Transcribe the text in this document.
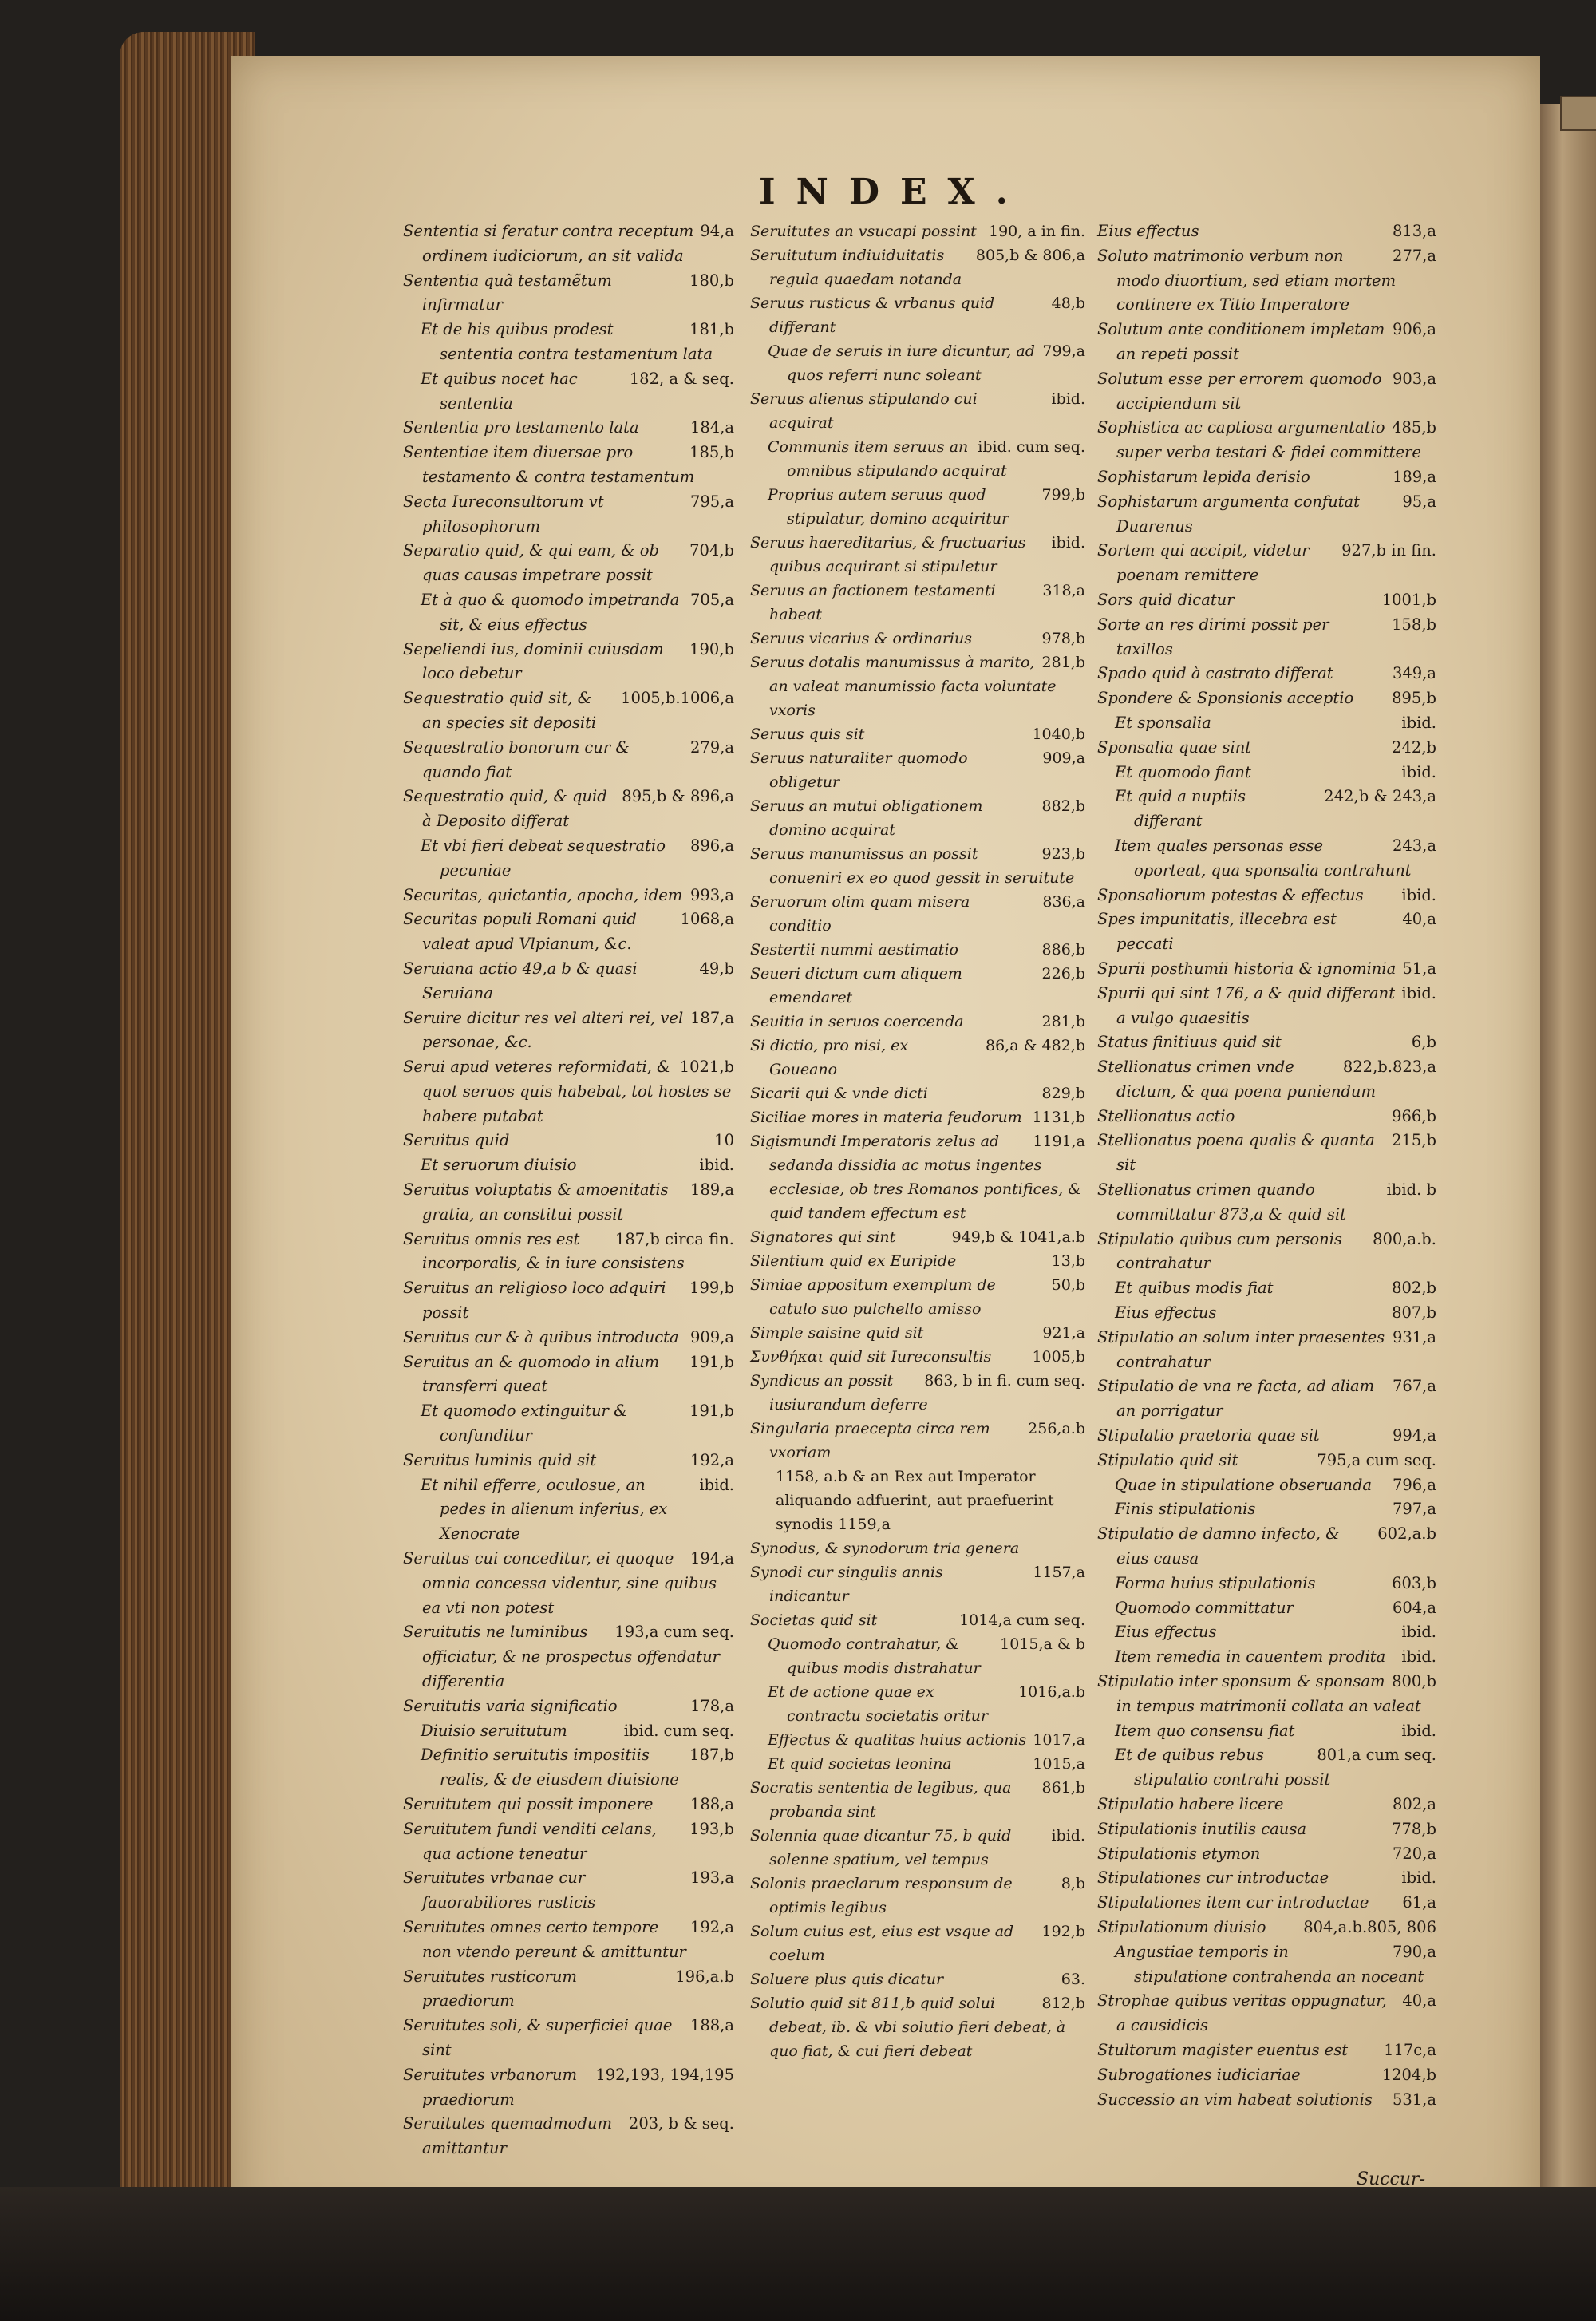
INDEX.

94,a
Sententia si feratur contra receptum ordinem iudiciorum, an sit valida

180,b
Sententia quã testamẽtum infirmatur

181,b
Et de his quibus prodest sententia contra testamentum lata

182, a & seq.
Et quibus nocet hac sententia

184,a
Sententia pro testamento lata

185,b
Sententiae item diuersae pro testamento & contra testamentum

795,a
Secta Iureconsultorum vt philosophorum

704,b
Separatio quid, & qui eam, & ob quas causas impetrare possit

705,a
Et à quo & quomodo impetranda sit, & eius effectus

190,b
Sepeliendi ius, dominii cuiusdam loco debetur

1005,b.1006,a
Sequestratio quid sit, & an species sit depositi

279,a
Sequestratio bonorum cur & quando fiat

895,b & 896,a
Sequestratio quid, & quid à Deposito differat

896,a
Et vbi fieri debeat sequestratio pecuniae

993,a
Securitas, quictantia, apocha, idem

1068,a
Securitas populi Romani quid valeat apud Vlpianum, &c.

49,b
Seruiana actio 49,a b & quasi Seruiana

187,a
Seruire dicitur res vel alteri rei, vel personae, &c.

1021,b
Serui apud veteres reformidati, & quot seruos quis habebat, tot hostes se habere putabat

10
Seruitus quid

ibid.
Et seruorum diuisio

189,a
Seruitus voluptatis & amoenitatis gratia, an constitui possit

187,b circa fin.
Seruitus omnis res est incorporalis, & in iure consistens

199,b
Seruitus an religioso loco adquiri possit

909,a
Seruitus cur & à quibus introducta

191,b
Seruitus an & quomodo in alium transferri queat

191,b
Et quomodo extinguitur & confunditur

192,a
Seruitus luminis quid sit

ibid.
Et nihil efferre, oculosue, an pedes in alienum inferius, ex Xenocrate

194,a
Seruitus cui conceditur, ei quoque omnia concessa videntur, sine quibus ea vti non potest

193,a cum seq.
Seruitutis ne luminibus officiatur, & ne prospectus offendatur differentia

178,a
Seruitutis varia significatio

ibid. cum seq.
Diuisio seruitutum

187,b
Definitio seruitutis impositiis realis, & de eiusdem diuisione

188,a
Seruitutem qui possit imponere

193,b
Seruitutem fundi venditi celans, qua actione teneatur

193,a
Seruitutes vrbanae cur fauorabiliores rusticis

192,a
Seruitutes omnes certo tempore non vtendo pereunt & amittuntur

196,a.b
Seruitutes rusticorum praediorum

188,a
Seruitutes soli, & superficiei quae sint

192,193, 194,195
Seruitutes vrbanorum praediorum

203, b & seq.
Seruitutes quemadmodum amittantur

190, a in fin.
Seruitutes an vsucapi possint

805,b & 806,a
Seruitutum indiuiduitatis regula quaedam notanda

48,b
Seruus rusticus & vrbanus quid differant

799,a
Quae de seruis in iure dicuntur, ad quos referri nunc soleant

ibid.
Seruus alienus stipulando cui acquirat

ibid. cum seq.
Communis item seruus an omnibus stipulando acquirat

799,b
Proprius autem seruus quod stipulatur, domino acquiritur

ibid.
Seruus haereditarius, & fructuarius quibus acquirant si stipuletur

318,a
Seruus an factionem testamenti habeat

978,b
Seruus vicarius & ordinarius

281,b
Seruus dotalis manumissus à marito, an valeat manumissio facta voluntate vxoris

1040,b
Seruus quis sit

909,a
Seruus naturaliter quomodo obligetur

882,b
Seruus an mutui obligationem domino acquirat

923,b
Seruus manumissus an possit conueniri ex eo quod gessit in seruitute

836,a
Seruorum olim quam misera conditio

886,b
Sestertii nummi aestimatio

226,b
Seueri dictum cum aliquem emendaret

281,b
Seuitia in seruos coercenda

86,a & 482,b
Si dictio, pro nisi, ex Goueano

829,b
Sicarii qui & vnde dicti

1131,b
Siciliae mores in materia feudorum

1191,a
Sigismundi Imperatoris zelus ad sedanda dissidia ac motus ingentes ecclesiae, ob tres Romanos pontifices, & quid tandem effectum est

949,b & 1041,a.b
Signatores qui sint

13,b
Silentium quid ex Euripide

50,b
Simiae appositum exemplum de catulo suo pulchello amisso

921,a
Simple saisine quid sit

1005,b
Συνθήκαι quid sit Iureconsultis

863, b in fi. cum seq.
Syndicus an possit iusiurandum deferre

256,a.b
Singularia praecepta circa rem vxoriam

1158, a.b & an Rex aut Imperator aliquando adfuerint, aut praefuerint synodis 1159,a
Synodus, & synodorum tria genera

1157,a
Synodi cur singulis annis indicantur

1014,a cum seq.
Societas quid sit

1015,a & b
Quomodo contrahatur, & quibus modis distrahatur

1016,a.b
Et de actione quae ex contractu societatis oritur

1017,a
Effectus & qualitas huius actionis

1015,a
Et quid societas leonina

861,b
Socratis sententia de legibus, qua probanda sint

ibid.
Solennia quae dicantur 75, b quid solenne spatium, vel tempus

8,b
Solonis praeclarum responsum de optimis legibus

192,b
Solum cuius est, eius est vsque ad coelum

63.
Soluere plus quis dicatur

812,b
Solutio quid sit 811,b quid solui debeat, ib. & vbi solutio fieri debeat, à quo fiat, & cui fieri debeat

813,a
Eius effectus

277,a
Soluto matrimonio verbum non modo diuortium, sed etiam mortem continere ex Titio Imperatore

906,a
Solutum ante conditionem impletam an repeti possit

903,a
Solutum esse per errorem quomodo accipiendum sit

485,b
Sophistica ac captiosa argumentatio super verba testari & fidei committere

189,a
Sophistarum lepida derisio

95,a
Sophistarum argumenta confutat Duarenus

927,b in fin.
Sortem qui accipit, videtur poenam remittere

1001,b
Sors quid dicatur

158,b
Sorte an res dirimi possit per taxillos

349,a
Spado quid à castrato differat

895,b
Spondere & Sponsionis acceptio

ibid.
Et sponsalia

242,b
Sponsalia quae sint

ibid.
Et quomodo fiant

242,b & 243,a
Et quid a nuptiis differant

243,a
Item quales personas esse oporteat, qua sponsalia contrahunt

ibid.
Sponsaliorum potestas & effectus

40,a
Spes impunitatis, illecebra est peccati

51,a
Spurii posthumii historia & ignominia

ibid.
Spurii qui sint 176, a & quid differant a vulgo quaesitis

6,b
Status finitiuus quid sit

822,b.823,a
Stellionatus crimen vnde dictum, & qua poena puniendum

966,b
Stellionatus actio

215,b
Stellionatus poena qualis & quanta sit

ibid. b
Stellionatus crimen quando committatur 873,a & quid sit

800,a.b.
Stipulatio quibus cum personis contrahatur

802,b
Et quibus modis fiat

807,b
Eius effectus

931,a
Stipulatio an solum inter praesentes contrahatur

767,a
Stipulatio de vna re facta, ad aliam an porrigatur

994,a
Stipulatio praetoria quae sit

795,a cum seq.
Stipulatio quid sit

796,a
Quae in stipulatione obseruanda

797,a
Finis stipulationis

602,a.b
Stipulatio de damno infecto, & eius causa

603,b
Forma huius stipulationis

604,a
Quomodo committatur

ibid.
Eius effectus

ibid.
Item remedia in cauentem prodita

800,b
Stipulatio inter sponsum & sponsam in tempus matrimonii collata an valeat

ibid.
Item quo consensu fiat

801,a cum seq.
Et de quibus rebus stipulatio contrahi possit

802,a
Stipulatio habere licere

778,b
Stipulationis inutilis causa

720,a
Stipulationis etymon

ibid.
Stipulationes cur introductae

61,a
Stipulationes item cur introductae

804,a.b.805, 806
Stipulationum diuisio

790,a
Angustiae temporis in stipulatione contrahenda an noceant

40,a
Strophae quibus veritas oppugnatur, a causidicis

117c,a
Stultorum magister euentus est

1204,b
Subrogationes iudiciariae

531,a
Successio an vim habeat solutionis

Succur-
